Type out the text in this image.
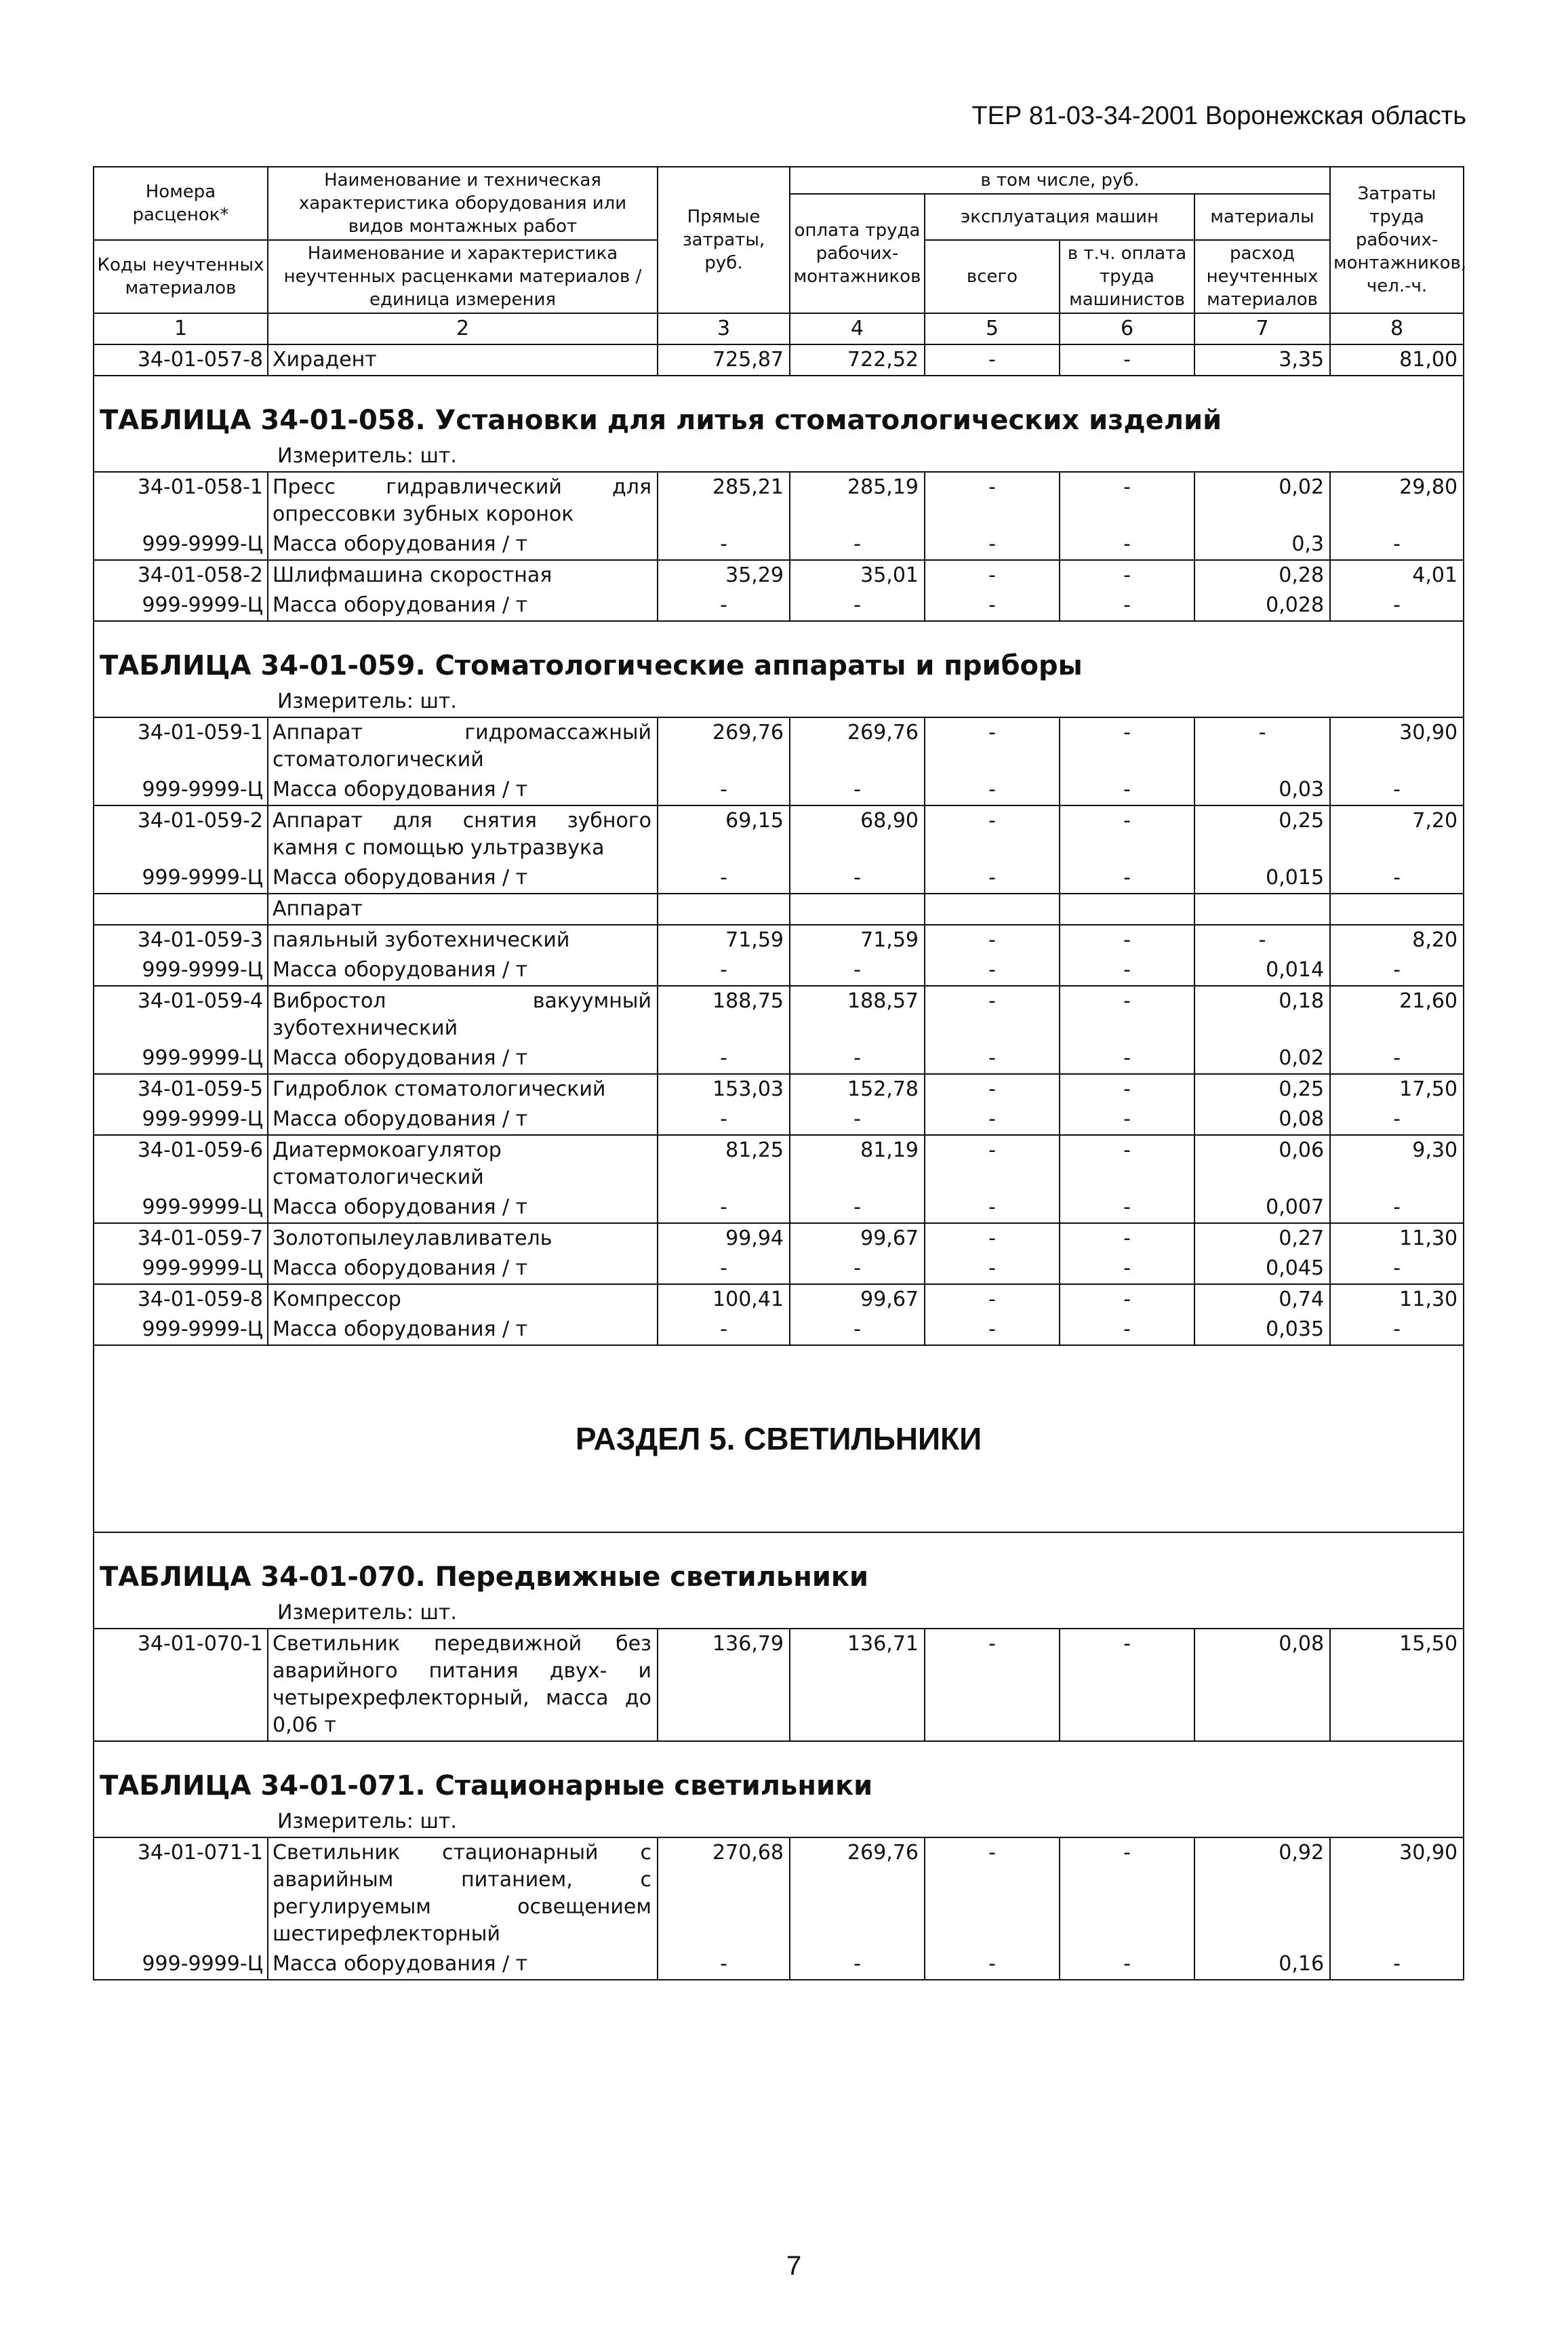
ТЕР 81-03-34-2001 Воронежская область
Номера расценок*	Наименование и техническая характеристика оборудования или видов монтажных работ	Прямые затраты, руб.	в том числе, руб.				Затраты труда рабочих-монтажников, чел.-ч.
			оплата труда рабочих-монтажников	эксплуатация машин		материалы	
Коды неучтенных материалов	Наименование и характеристика неучтенных расценками материалов / единица измерения			всего	в т.ч. оплата труда машинистов	расход неучтенных материалов	

1	2	3	4	5	6	7	8
34-01-057-8	Хирадент	725,87	722,52	-	-	3,35	81,00
ТАБЛИЦА 34-01-058. Установки для литья стоматологических изделий							
Измеритель: шт.							
34-01-058-1	Пресс гидравлический для опрессовки зубных коронок	285,21	285,19	-	-	0,02	29,80
999-9999-Ц	Масса оборудования / т	-	-	-	-	0,3	-
34-01-058-2	Шлифмашина скоростная	35,29	35,01	-	-	0,28	4,01
999-9999-Ц	Масса оборудования / т	-	-	-	-	0,028	-
ТАБЛИЦА 34-01-059. Стоматологические аппараты и приборы							
Измеритель: шт.							
34-01-059-1	Аппарат гидромассажный стоматологический	269,76	269,76	-	-	-	30,90
999-9999-Ц	Масса оборудования / т	-	-	-	-	0,03	-
34-01-059-2	Аппарат для снятия зубного камня с помощью ультразвука	69,15	68,90	-	-	0,25	7,20
999-9999-Ц	Масса оборудования / т	-	-	-	-	0,015	-
	Аппарат						
34-01-059-3	паяльный зуботехнический	71,59	71,59	-	-	-	8,20
999-9999-Ц	Масса оборудования / т	-	-	-	-	0,014	-
34-01-059-4	Вибростол вакуумный зуботехнический	188,75	188,57	-	-	0,18	21,60
999-9999-Ц	Масса оборудования / т	-	-	-	-	0,02	-
34-01-059-5	Гидроблок стоматологический	153,03	152,78	-	-	0,25	17,50
999-9999-Ц	Масса оборудования / т	-	-	-	-	0,08	-
34-01-059-6	Диатермокоагулятор стоматологический	81,25	81,19	-	-	0,06	9,30
999-9999-Ц	Масса оборудования / т	-	-	-	-	0,007	-
34-01-059-7	Золотопылеулавливатель	99,94	99,67	-	-	0,27	11,30
999-9999-Ц	Масса оборудования / т	-	-	-	-	0,045	-
34-01-059-8	Компрессор	100,41	99,67	-	-	0,74	11,30
999-9999-Ц	Масса оборудования / т	-	-	-	-	0,035	-
РАЗДЕЛ 5. СВЕТИЛЬНИКИ							
ТАБЛИЦА 34-01-070. Передвижные светильники							
Измеритель: шт.							
34-01-070-1	Светильник передвижной без аварийного питания двух- и четырехрефлекторный, масса до 0,06 т	136,79	136,71	-	-	0,08	15,50
ТАБЛИЦА 34-01-071. Стационарные светильники							
Измеритель: шт.							
34-01-071-1	Светильник стационарный с аварийным питанием, с регулируемым освещением шестирефлекторный	270,68	269,76	-	-	0,92	30,90
999-9999-Ц	Масса оборудования / т	-	-	-	-	0,16	-
7
